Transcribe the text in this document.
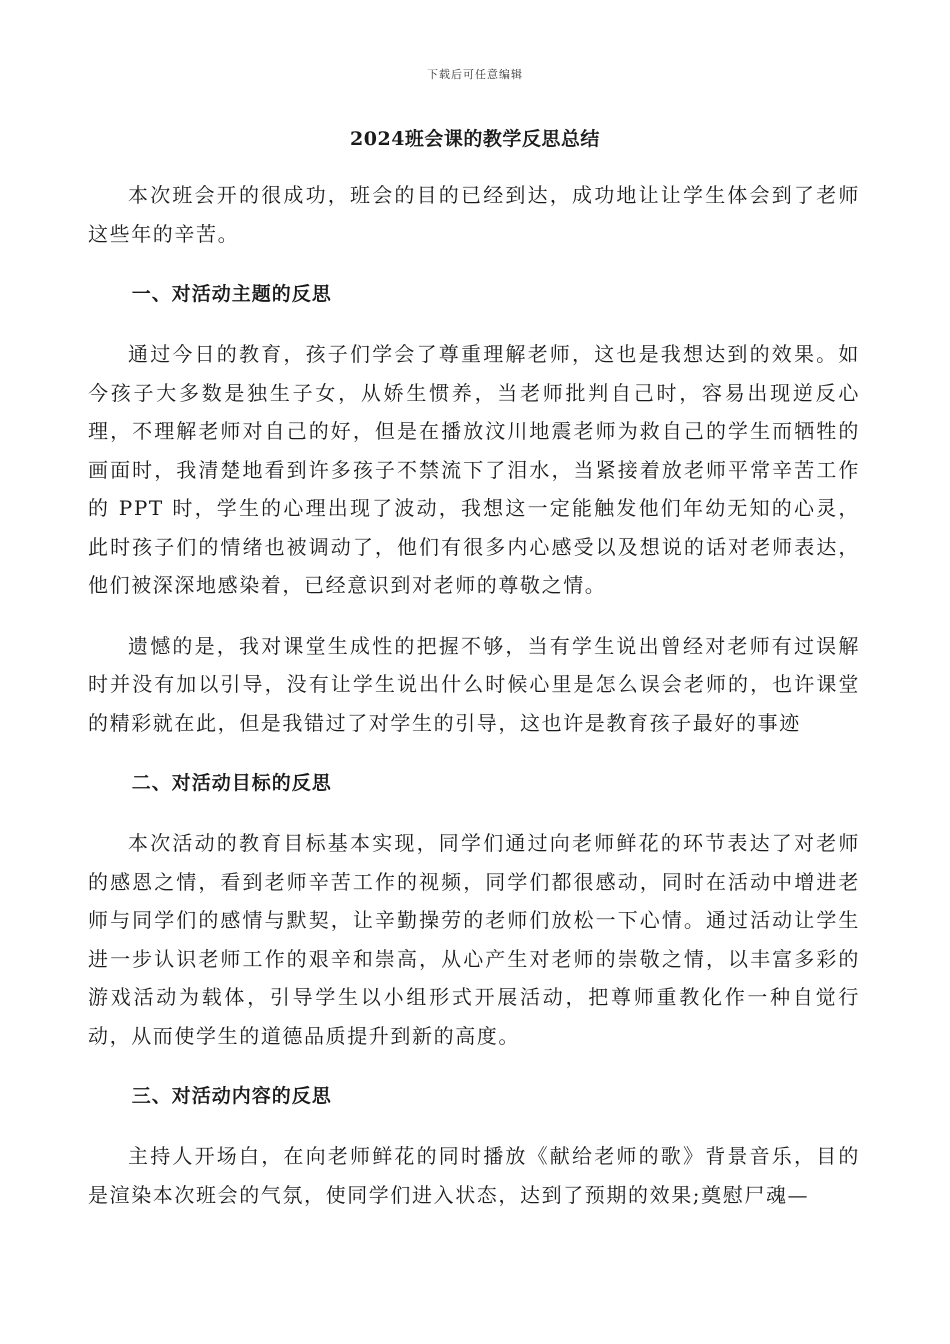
下载后可任意编辑
2024班会课的教学反思总结

本次班会开的很成功，班会的目的已经到达，成功地让让学生体会到了老师这些年的辛苦。

一、对活动主题的反思

通过今日的教育，孩子们学会了尊重理解老师，这也是我想达到的效果。如今孩子大多数是独生子女，从娇生惯养，当老师批判自己时，容易出现逆反心理，不理解老师对自己的好，但是在播放汶川地震老师为救自己的学生而牺牲的画面时，我清楚地看到许多孩子不禁流下了泪水，当紧接着放老师平常辛苦工作的 PPT 时，学生的心理出现了波动，我想这一定能触发他们年幼无知的心灵，此时孩子们的情绪也被调动了，他们有很多内心感受以及想说的话对老师表达，他们被深深地感染着，已经意识到对老师的尊敬之情。

遗憾的是，我对课堂生成性的把握不够，当有学生说出曾经对老师有过误解时并没有加以引导，没有让学生说出什么时候心里是怎么误会老师的，也许课堂的精彩就在此，但是我错过了对学生的引导，这也许是教育孩子最好的事迹

二、对活动目标的反思

本次活动的教育目标基本实现，同学们通过向老师鲜花的环节表达了对老师的感恩之情，看到老师辛苦工作的视频，同学们都很感动，同时在活动中增进老师与同学们的感情与默契，让辛勤操劳的老师们放松一下心情。通过活动让学生进一步认识老师工作的艰辛和崇高，从心产生对老师的崇敬之情，以丰富多彩的游戏活动为载体，引导学生以小组形式开展活动，把尊师重教化作一种自觉行动，从而使学生的道德品质提升到新的高度。

三、对活动内容的反思

主持人开场白，在向老师鲜花的同时播放《献给老师的歌》背景音乐，目的是渲染本次班会的气氛，使同学们进入状态，达到了预期的效果;奠慰尸魂—
